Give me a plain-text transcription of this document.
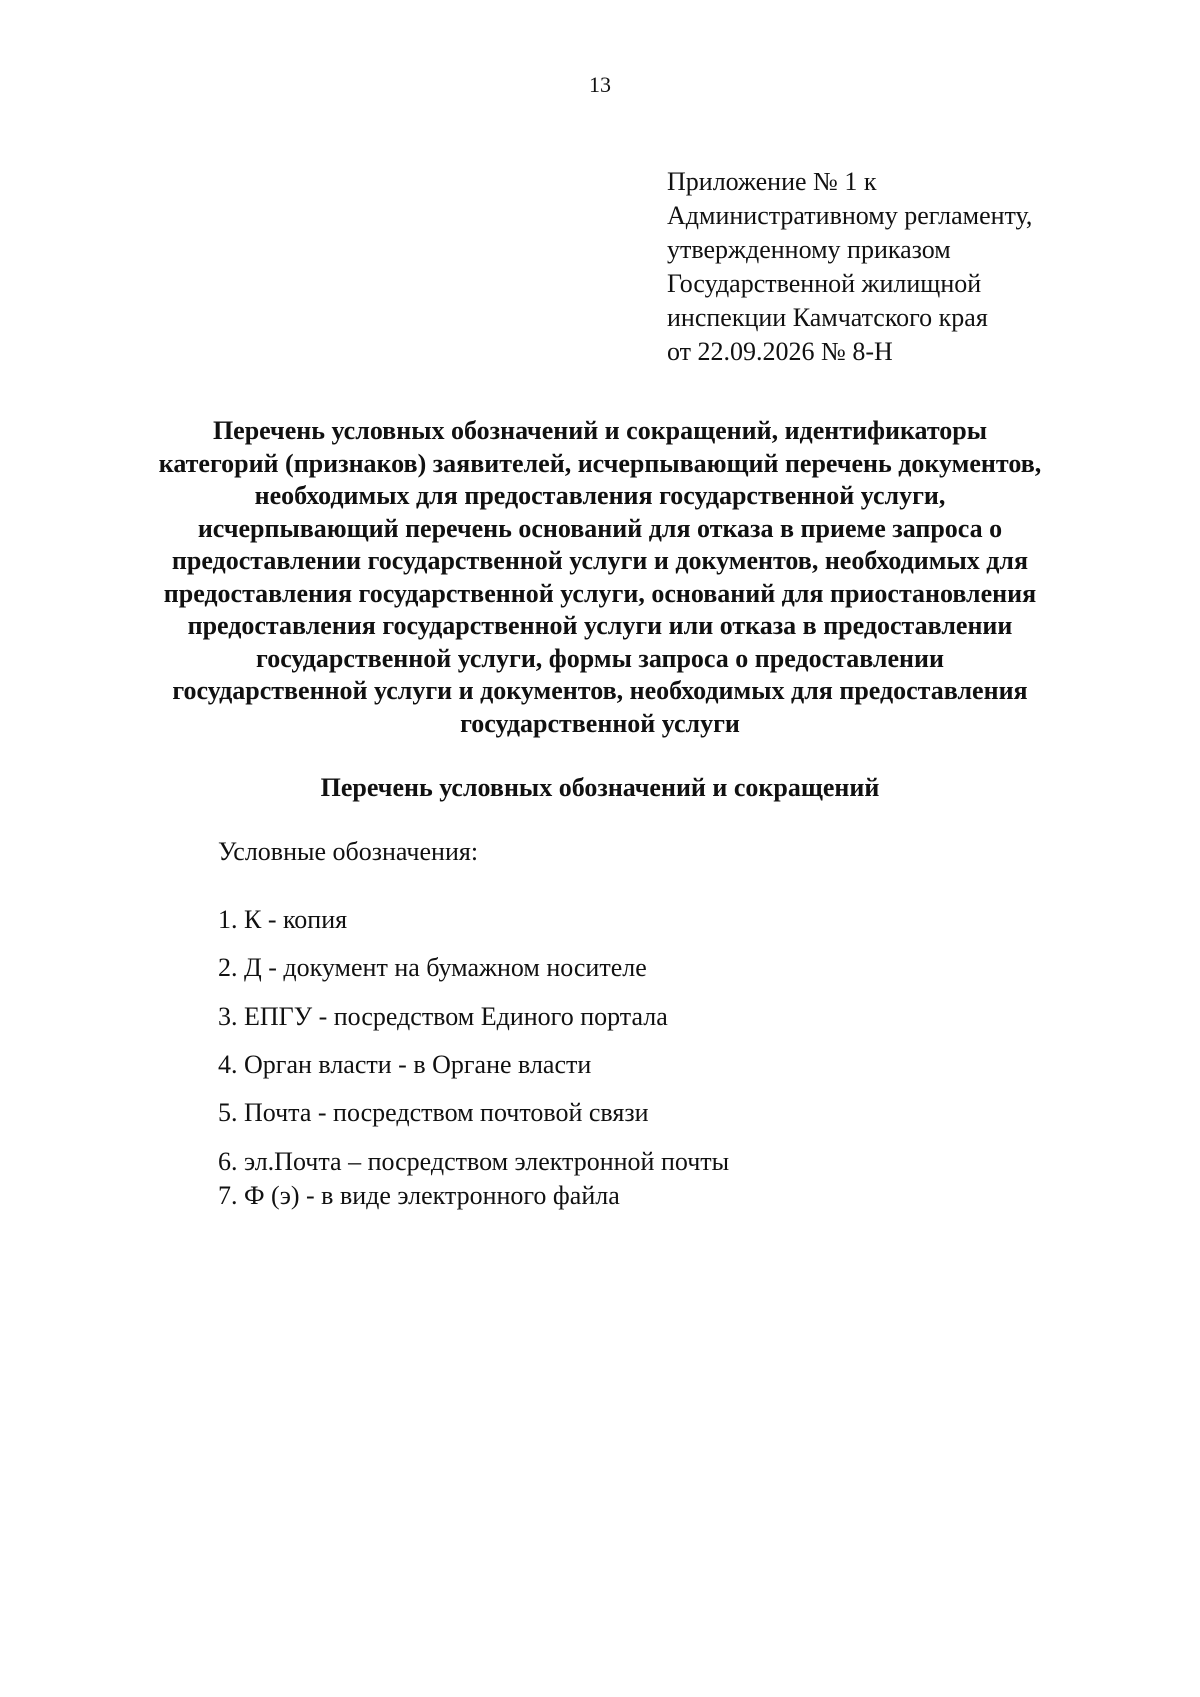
13
Приложение № 1 к
Административному регламенту,
утвержденному приказом
Государственной жилищной
инспекции Камчатского края
от 22.09.2026 № 8-Н
Перечень условных обозначений и сокращений, идентификаторы
категорий (признаков) заявителей, исчерпывающий перечень документов,
необходимых для предоставления государственной услуги,
исчерпывающий перечень оснований для отказа в приеме запроса о
предоставлении государственной услуги и документов, необходимых для
предоставления государственной услуги, оснований для приостановления
предоставления государственной услуги или отказа в предоставлении
государственной услуги, формы запроса о предоставлении
государственной услуги и документов, необходимых для предоставления
государственной услуги
Перечень условных обозначений и сокращений
Условные обозначения:
1. К - копия
2. Д - документ на бумажном носителе
3. ЕПГУ - посредством Единого портала
4. Орган власти - в Органе власти
5. Почта - посредством почтовой связи
6. эл.Почта – посредством электронной почты
7. Ф (э) - в виде электронного файла
